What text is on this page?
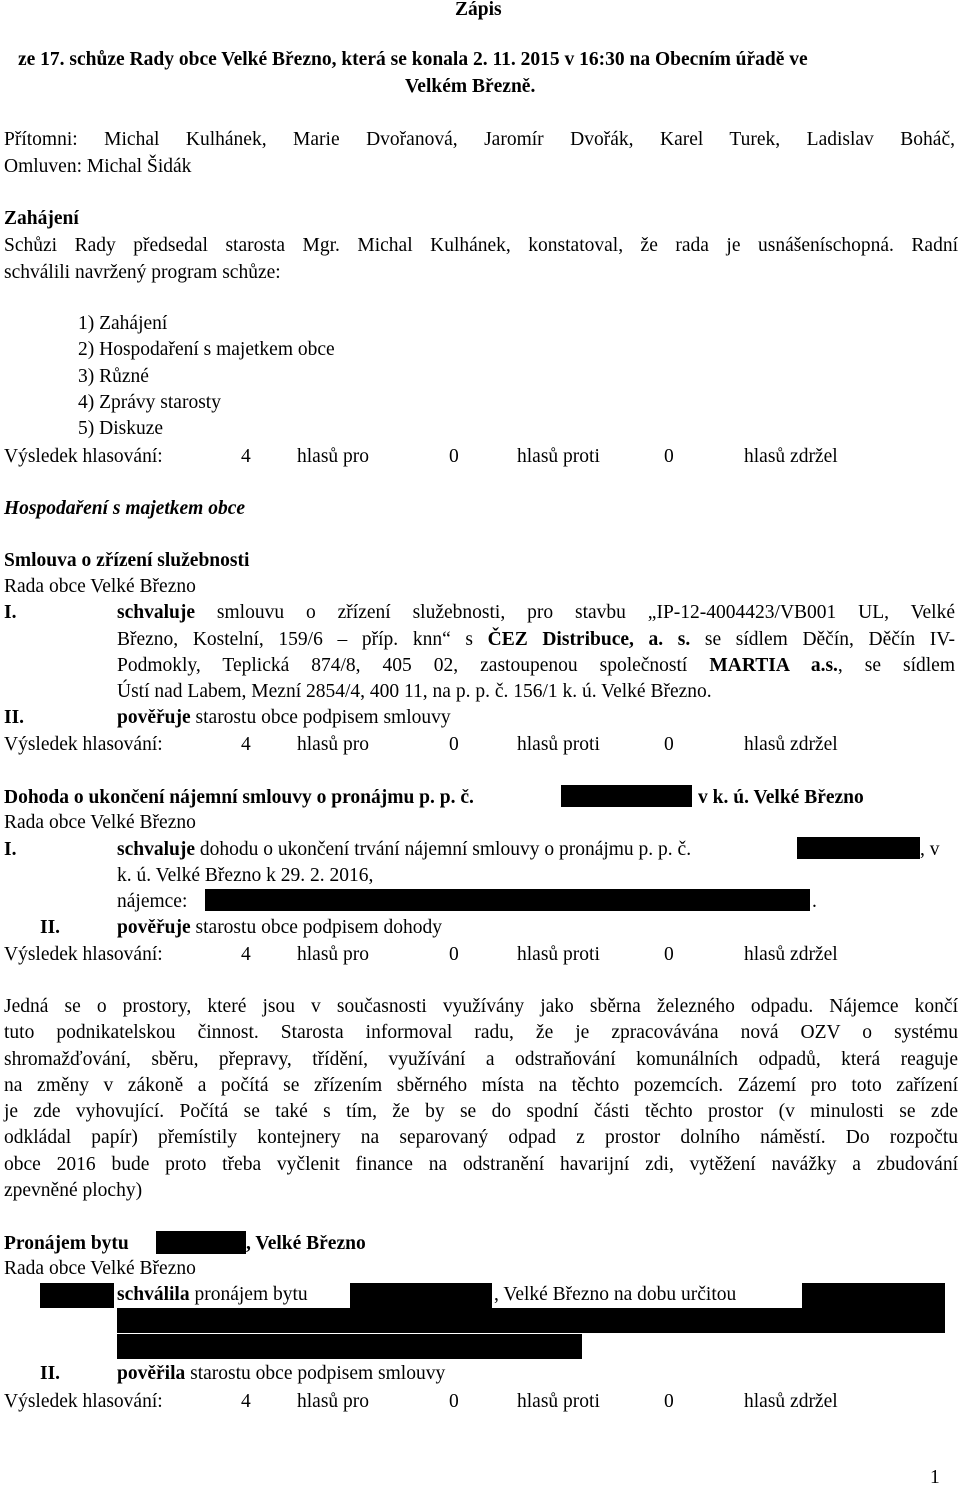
Zápis
ze 17. schůze Rady obce Velké Březno, která se konala 2. 11. 2015 v 16:30 na Obecním úřadě ve
Velkém Březně.
Přítomni: Michal Kulhánek, Marie Dvořanová, Jaromír Dvořák, Karel Turek, Ladislav Boháč,
Omluven: Michal Šidák
Zahájení
Schůzi Rady předsedal starosta Mgr. Michal Kulhánek, konstatoval, že rada je usnášeníschopná. Radní
schválili navržený program schůze:
1) Zahájení
2) Hospodaření s majetkem obce
3) Různé
4) Zprávy starosty
5) Diskuze
Výsledek hlasování:	4 hlasů pro	0	hlasů proti	0	hlasů zdržel
Hospodaření s majetkem obce
Smlouva o zřízení služebnosti
Rada obce Velké Březno
I.	schvaluje smlouvu o zřízení služebnosti, pro stavbu „IP-12-4004423/VB001 UL, Velké
Březno, Kostelní, 159/6 – příp. knn“ s ČEZ Distribuce, a. s. se sídlem Děčín, Děčín IV-
Podmokly, Teplická 874/8, 405 02, zastoupenou společností MARTIA a.s., se sídlem
Ústí nad Labem, Mezní 2854/4, 400 11, na p. p. č. 156/1 k. ú. Velké Březno.
II.	pověřuje starostu obce podpisem smlouvy
Výsledek hlasování:	4 hlasů pro	0	hlasů proti	0	hlasů zdržel
Dohoda o ukončení nájemní smlouvy o pronájmu p. p. č.	v k. ú. Velké Březno
Rada obce Velké Březno
I.	schvaluje dohodu o ukončení trvání nájemní smlouvy o pronájmu p. p. č.	, v
k. ú. Velké Březno k 29. 2. 2016,
nájemce:	.
II.	pověřuje starostu obce podpisem dohody
Výsledek hlasování:	4 hlasů pro	0	hlasů proti	0	hlasů zdržel
Jedná se o prostory, které jsou v současnosti využívány jako sběrna železného odpadu. Nájemce končí
tuto podnikatelskou činnost. Starosta informoval radu, že je zpracovávána nová OZV o systému
shromažďování, sběru, přepravy, třídění, využívání a odstraňování komunálních odpadů, která reaguje
na změny v zákoně a počítá se zřízením sběrného místa na těchto pozemcích. Zázemí pro toto zařízení
je zde vyhovující. Počítá se také s tím, že by se do spodní části těchto prostor (v minulosti se zde
odkládal papír) přemístily kontejnery na separovaný odpad z prostor dolního náměstí. Do rozpočtu
obce 2016 bude proto třeba vyčlenit finance na odstranění havarijní zdi, vytěžení navážky a zbudování
zpevněné plochy)
Pronájem bytu	, Velké Březno
Rada obce Velké Březno
schválila pronájem bytu	, Velké Březno na dobu určitou
II.	pověřila starostu obce podpisem smlouvy
Výsledek hlasování:	4 hlasů pro	0	hlasů proti	0	hlasů zdržel
1
